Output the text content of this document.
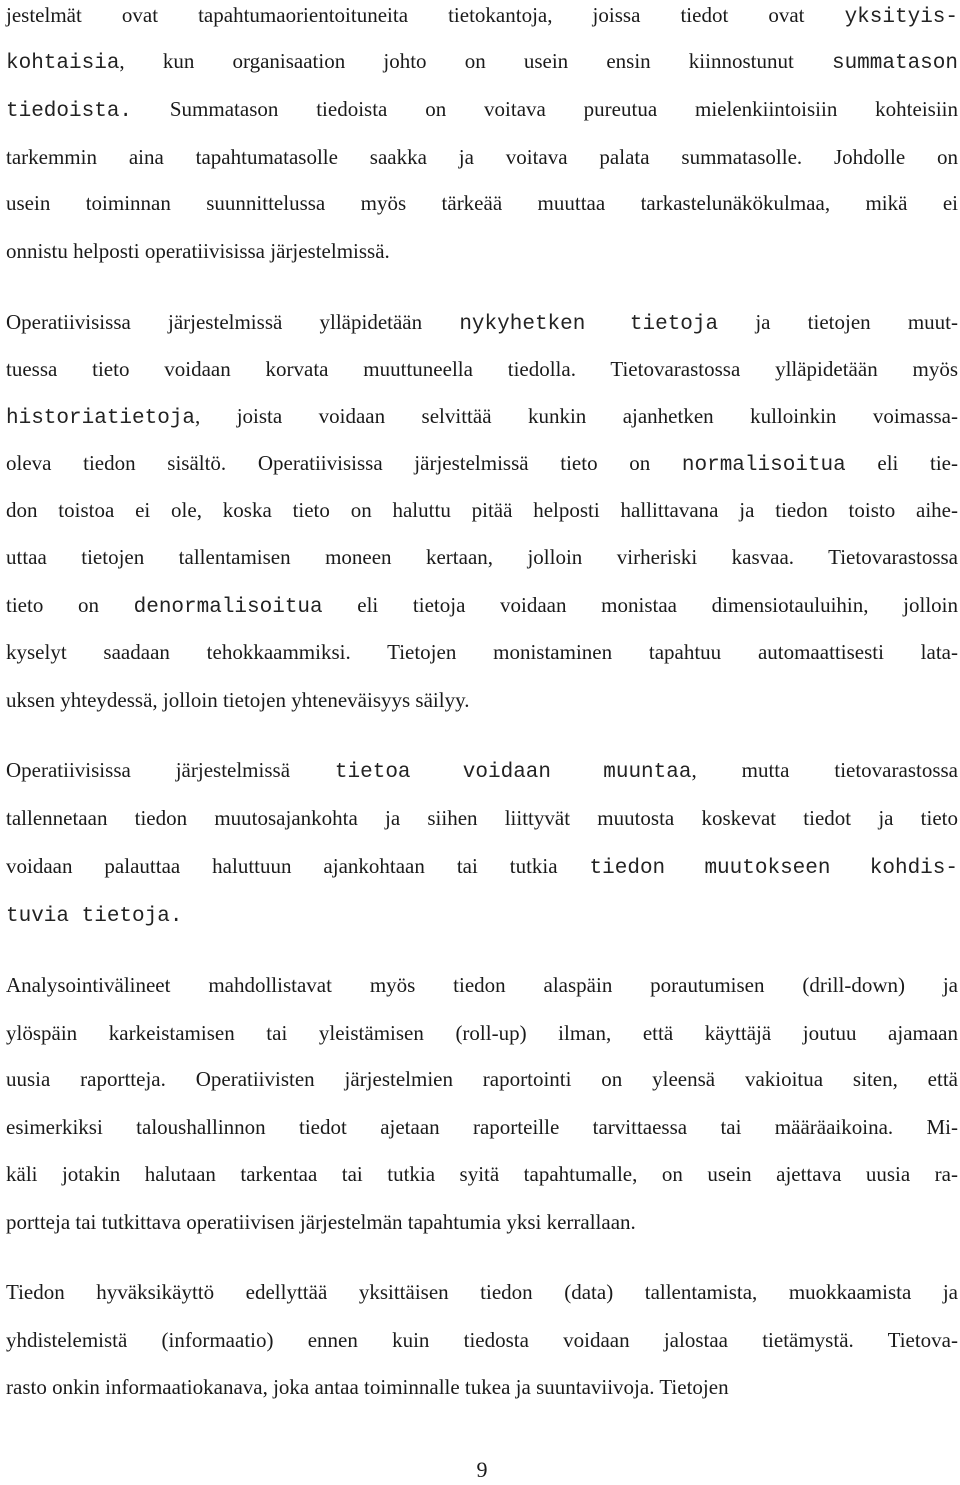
jestelmät ovat tapahtumaorientoituneita tietokantoja, joissa tiedot ovat yksityis-
kohtaisia, kun organisaation johto on usein ensin kiinnostunut summatason
tiedoista. Summatason tiedoista on voitava pureutua mielenkiintoisiin kohteisiin
tarkemmin aina tapahtumatasolle saakka ja voitava palata summatasolle. Johdolle on
usein toiminnan suunnittelussa myös tärkeää muuttaa tarkastelunäkökulmaa, mikä ei
onnistu helposti operatiivisissa järjestelmissä.
Operatiivisissa järjestelmissä ylläpidetään nykyhetken tietoja ja tietojen muut-
tuessa tieto voidaan korvata muuttuneella tiedolla. Tietovarastossa ylläpidetään myös
historiatietoja, joista voidaan selvittää kunkin ajanhetken kulloinkin voimassa-
oleva tiedon sisältö. Operatiivisissa järjestelmissä tieto on normalisoitua eli tie-
don toistoa ei ole, koska tieto on haluttu pitää helposti hallittavana ja tiedon toisto aihe-
uttaa tietojen tallentamisen moneen kertaan, jolloin virheriski kasvaa. Tietovarastossa
tieto on denormalisoitua eli tietoja voidaan monistaa dimensiotauluihin, jolloin
kyselyt saadaan tehokkaammiksi. Tietojen monistaminen tapahtuu automaattisesti lata-
uksen yhteydessä, jolloin tietojen yhteneväisyys säilyy.
Operatiivisissa järjestelmissä tietoa voidaan muuntaa, mutta tietovarastossa
tallennetaan tiedon muutosajankohta ja siihen liittyvät muutosta koskevat tiedot ja tieto
voidaan palauttaa haluttuun ajankohtaan tai tutkia tiedon muutokseen kohdis-
tuvia tietoja.
Analysointivälineet mahdollistavat myös tiedon alaspäin porautumisen (drill-down) ja
ylöspäin karkeistamisen tai yleistämisen (roll-up) ilman, että käyttäjä joutuu ajamaan
uusia raportteja. Operatiivisten järjestelmien raportointi on yleensä vakioitua siten, että
esimerkiksi taloushallinnon tiedot ajetaan raporteille tarvittaessa tai määräaikoina. Mi-
käli jotakin halutaan tarkentaa tai tutkia syitä tapahtumalle, on usein ajettava uusia ra-
portteja tai tutkittava operatiivisen järjestelmän tapahtumia yksi kerrallaan.
Tiedon hyväksikäyttö edellyttää yksittäisen tiedon (data) tallentamista, muokkaamista ja
yhdistelemistä (informaatio) ennen kuin tiedosta voidaan jalostaa tietämystä. Tietova-
rasto onkin informaatiokanava, joka antaa toiminnalle tukea ja suuntaviivoja. Tietojen
9
